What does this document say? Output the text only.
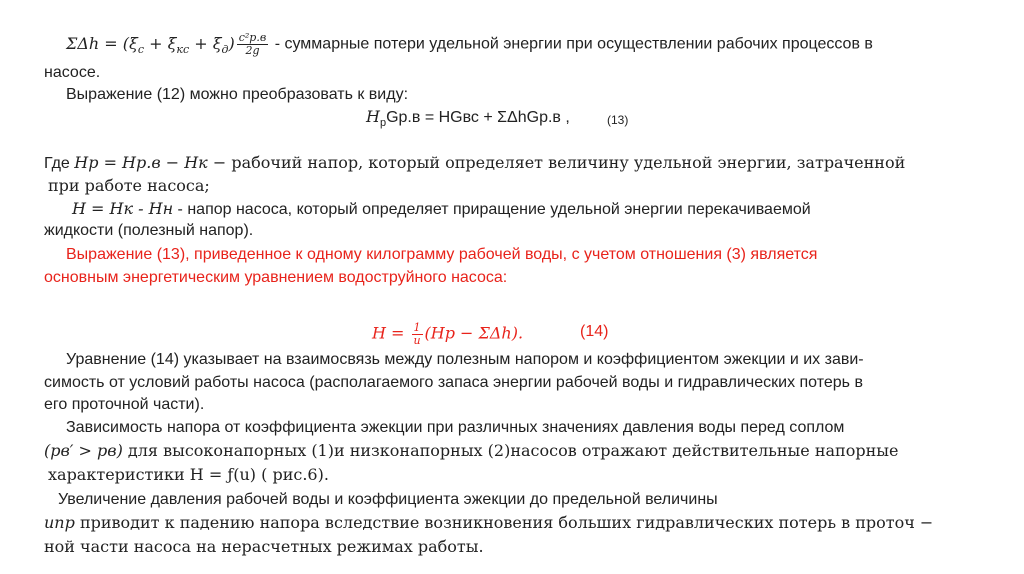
ΣΔℎ = $(\xi_с + \xi_{кс} + \xi_д) \frac{\text{c²р.в}}{2g}$ - суммарные потери удельной энергии при осуществлении рабочих процессов в
насосе.
Выражение (12) можно преобразовать к виду:
$H_рGр.в$ = HGвс + ΣΔhGр.в ,	(13)
Где Hр = Hр.в − Hк − рабочий напор, который определяет величину удельной энергии, затраченной
при работе насоса;
H = Hк - Hн - напор насоса, который определяет приращение удельной энергии перекачиваемой
жидкости (полезный напор).
Выражение (13), приведенное к одному килограмму рабочей воды, с учетом отношения (3) является
основным энергетическим уравнением водоструйного насоса:
$H = \frac{1}{u} (Hp - \Sigma\Delta h)$.	(14)
Уравнение (14) указывает на взаимосвязь между полезным напором и коэффициентом эжекции и их зави-
симость от условий работы насоса (располагаемого запаса энергии рабочей воды и гидравлических потерь в
его проточной части).
Зависимость напора от коэффициента эжекции при различных значениях давления воды перед соплом
(pв′ > pв) для высоконапорных (1)и низконапорных (2)насосов отражают действительные напорные
характеристики H = ƒ(u) ( рис.6).
Увеличение давления рабочей воды и коэффициента эжекции до предельной величины
uпр приводит к падению напора вследствие возникновения больших гидравлических потерь в проточ −
ной части насоса на нерасчетных режимах работы.
